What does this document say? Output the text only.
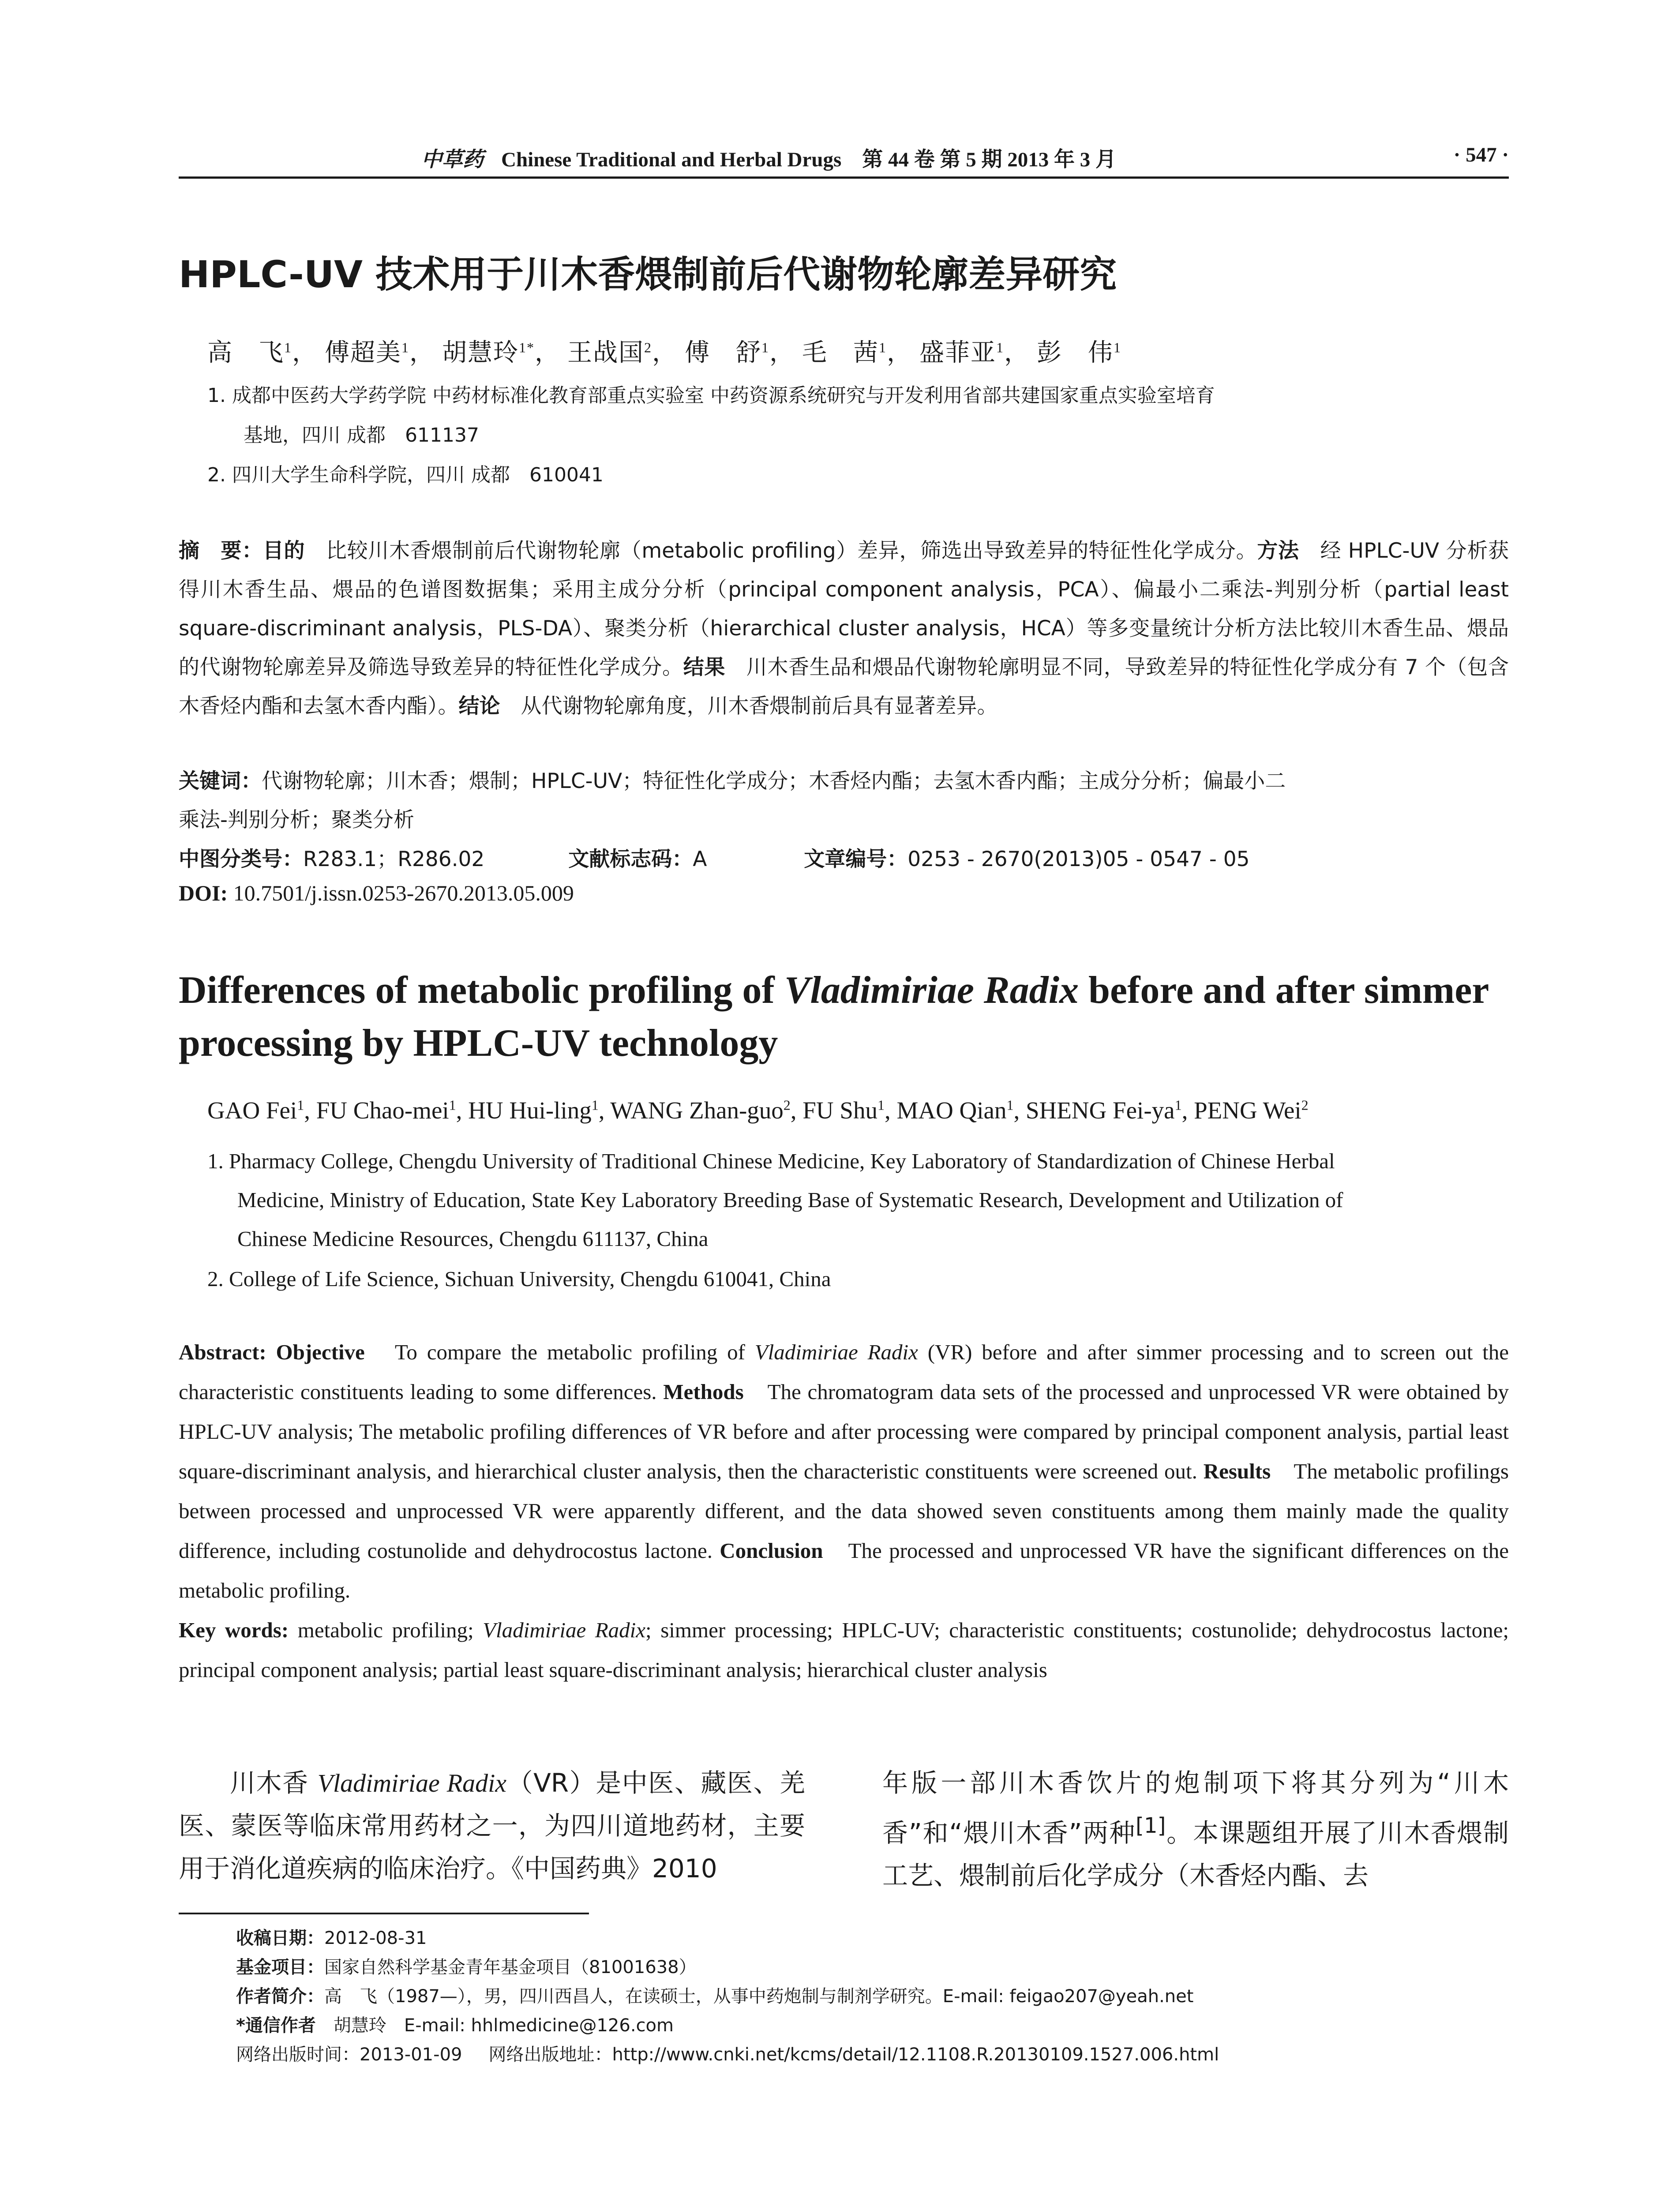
中草药 Chinese Traditional and Herbal Drugs　第 44 卷 第 5 期 2013 年 3 月	· 547 ·
HPLC-UV 技术用于川木香煨制前后代谢物轮廓差异研究
高　飞$^1$， 傅超美$^1$， 胡慧玲$^{1*}$， 王战国$^2$， 傅　舒$^1$， 毛　茜$^1$， 盛菲亚$^1$， 彭　伟$^1$
1. 成都中医药大学药学院 中药材标准化教育部重点实验室 中药资源系统研究与开发利用省部共建国家重点实验室培育
基地，四川 成都　611137
2. 四川大学生命科学院，四川 成都　610041
摘　要：目的　 比较川木香煨制前后代谢物轮廓（metabolic profiling）差异，筛选出导致差异的特征性化学成分。方法　 经 HPLC-UV 分析获得川木香生品、煨品的色谱图数据集；采用主成分分析（principal component analysis，PCA）、偏最小二乘法-判别分析（partial least square-discriminant analysis，PLS-DA）、聚类分析（hierarchical cluster analysis，HCA）等多变量统计分析方法比较川木香生品、煨品的代谢物轮廓差异及筛选导致差异的特征性化学成分。结果　 川木香生品和煨品代谢物轮廓明显不同，导致差异的特征性化学成分有 7 个（包含木香烃内酯和去氢木香内酯）。结论　 从代谢物轮廓角度，川木香煨制前后具有显著差异。
关键词：代谢物轮廓；川木香；煨制；HPLC-UV；特征性化学成分；木香烃内酯；去氢木香内酯；主成分分析；偏最小二
乘法-判别分析；聚类分析
中图分类号：R283.1；R286.02	文献标志码：A	文章编号：0253 - 2670(2013)05 - 0547 - 05
DOI: 10.7501/j.issn.0253-2670.2013.05.009
Differences of metabolic profiling of Vladimiriae Radix before and after simmer processing by HPLC-UV technology
GAO Fei$^1$, FU Chao-mei$^1$, HU Hui-ling$^1$, WANG Zhan-guo$^2$, FU Shu$^1$, MAO Qian$^1$, SHENG Fei-$ya^1$, PENG Wei$^2$
1. Pharmacy College, Chengdu University of Traditional Chinese Medicine, Key Laboratory of Standardization of Chinese Herbal
Medicine, Ministry of Education, State Key Laboratory Breeding Base of Systematic Research, Development and Utilization of
Chinese Medicine Resources, Chengdu 611137, China
2. College of Life Science, Sichuan University, Chengdu 610041, China
Abstract: Objective　 To compare the metabolic profiling of Vladimiriae Radix (VR) before and after simmer processing and to screen out the characteristic constituents leading to some differences. Methods　 The chromatogram data sets of the processed and unprocessed VR were obtained by HPLC-UV analysis; The metabolic profiling differences of VR before and after processing were compared by principal component analysis, partial least square-discriminant analysis, and hierarchical cluster analysis, then the characteristic constituents were screened out. Results　 The metabolic profilings between processed and unprocessed VR were apparently different, and the data showed seven constituents among them mainly made the quality difference, including costunolide and dehydrocostus lactone. Conclusion　 The processed and unprocessed VR have the significant differences on the metabolic profiling.
Key words: metabolic profiling; Vladimiriae Radix; simmer processing; HPLC-UV; characteristic constituents; costunolide; dehydrocostus lactone; principal component analysis; partial least square-discriminant analysis; hierarchical cluster analysis
川木香 Vladimiriae Radix（VR）是中医、藏医、羌医、蒙医等临床常用药材之一，为四川道地药材，主要用于消化道疾病的临床治疗。《中国药典》2010
年版一部川木香饮片的炮制项下将其分列为“川木香”和“煨川木香”两种[1]。本课题组开展了川木香煨制工艺、煨制前后化学成分（木香烃内酯、去
收稿日期：2012-08-31
基金项目：国家自然科学基金青年基金项目（81001638）
作者简介：高　飞（1987—），男，四川西昌人，在读硕士，从事中药炮制与制剂学研究。E-mail: feigao207@yeah.net
*通信作者　 胡慧玲　E-mail: hhlmedicine@126.com
网络出版时间：2013-01-09 网络出版地址：http://www.cnki.net/kcms/detail/12.1108.R.20130109.1527.006.html
